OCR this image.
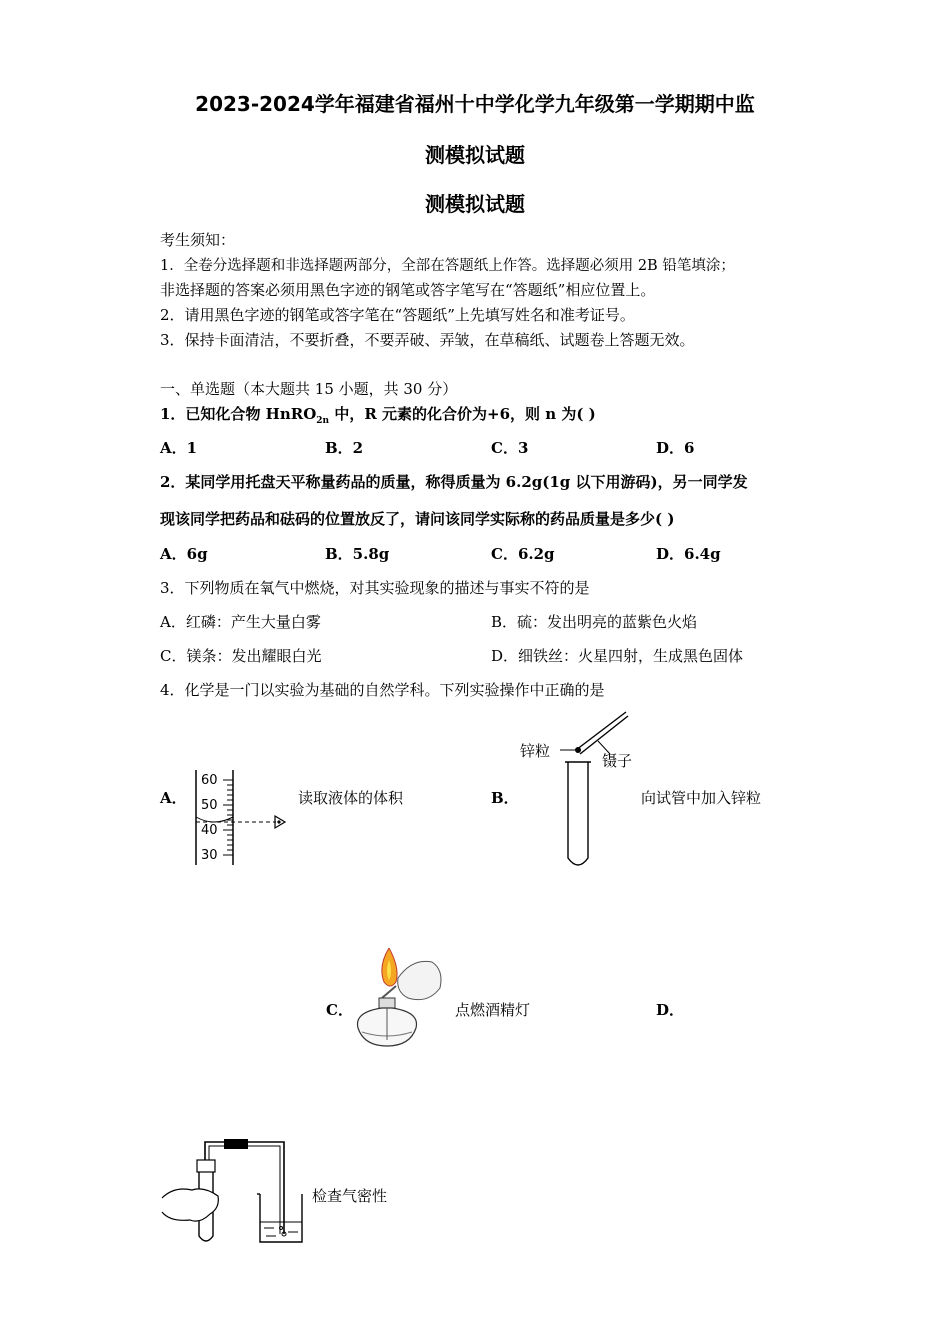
2023-2024学年福建省福州十中学化学九年级第一学期期中监
测模拟试题
测模拟试题
考生须知：
1．全卷分选择题和非选择题两部分，全部在答题纸上作答。选择题必须用 2B 铅笔填涂；
非选择题的答案必须用黑色字迹的钢笔或答字笔写在“答题纸”相应位置上。
2．请用黑色字迹的钢笔或答字笔在“答题纸”上先填写姓名和准考证号。
3．保持卡面清洁，不要折叠，不要弄破、弄皱，在草稿纸、试题卷上答题无效。
一、单选题（本大题共 15 小题，共 30 分）
1．已知化合物 HnRO$_{2n}$ 中，R 元素的化合价为+6，则 n 为( )
A．1	B．2	C．3	D．6
2．某同学用托盘天平称量药品的质量，称得质量为 6.2g(1g 以下用游码)，另一同学发
现该同学把药品和砝码的位置放反了，请问该同学实际称的药品质量是多少( )
A．6g	B．5.8g	C．6.2g	D．6.4g
3．下列物质在氧气中燃烧，对其实验现象的描述与事实不符的是
A．红磷：产生大量白雾	B．硫：发出明亮的蓝紫色火焰
C．镁条：发出耀眼白光	D．细铁丝：火星四射，生成黑色固体
4．化学是一门以实验为基础的自然学科。下列实验操作中正确的是
A．
60
50
40
30
读取液体的体积	B．
锌粒
镊子
向试管中加入锌粒
C．	点燃酒精灯	D．
检查气密性
